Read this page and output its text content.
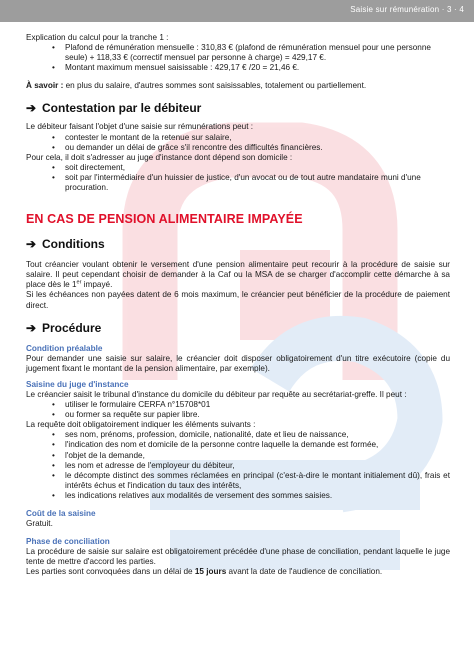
Saisie sur rémunération · 3 · 4

Explication du calcul pour la tranche 1 :

• Plafond de rémunération mensuelle : 310,83 € (plafond de rémunération mensuel pour une personne seule) + 118,33 € (correctif mensuel par personne à charge) = 429,17 €.
• Montant maximum mensuel saisissable : 429,17 € /20 = 21,46 €.

À savoir : en plus du salaire, d'autres sommes sont saisissables, totalement ou partiellement.

➔ Contestation par le débiteur

Le débiteur faisant l'objet d'une saisie sur rémunérations peut :

• contester le montant de la retenue sur salaire,
• ou demander un délai de grâce s'il rencontre des difficultés financières.

Pour cela, il doit s'adresser au juge d'instance dont dépend son domicile :

• soit directement,
• soit par l'intermédiaire d'un huissier de justice, d'un avocat ou de tout autre mandataire muni d'une procuration.
EN CAS DE PENSION ALIMENTAIRE IMPAYÉE
➔ Conditions

Tout créancier voulant obtenir le versement d'une pension alimentaire peut recourir à la procédure de saisie sur salaire. Il peut cependant choisir de demander à la Caf ou la MSA de se charger d'accomplir cette démarche à sa place dès le 1er impayé.

Si les échéances non payées datent de 6 mois maximum, le créancier peut bénéficier de la procédure de paiement direct.

➔ Procédure

Condition préalable

Pour demander une saisie sur salaire, le créancier doit disposer obligatoirement d'un titre exécutoire (copie du jugement fixant le montant de la pension alimentaire, par exemple).

Saisine du juge d'instance

Le créancier saisit le tribunal d'instance du domicile du débiteur par requête au secrétariat-greffe. Il peut :

• utiliser le formulaire CERFA n°15708*01
• ou former sa requête sur papier libre.

La requête doit obligatoirement indiquer les éléments suivants :

• ses nom, prénoms, profession, domicile, nationalité, date et lieu de naissance,
• l'indication des nom et domicile de la personne contre laquelle la demande est formée,
• l'objet de la demande,
• les nom et adresse de l'employeur du débiteur,
• le décompte distinct des sommes réclamées en principal (c'est-à-dire le montant initialement dû), frais et intérêts échus et l'indication du taux des intérêts,
• les indications relatives aux modalités de versement des sommes saisies.

Coût de la saisine

Gratuit.

Phase de conciliation

La procédure de saisie sur salaire est obligatoirement précédée d'une phase de conciliation, pendant laquelle le juge tente de mettre d'accord les parties.

Les parties sont convoquées dans un délai de 15 jours avant la date de l'audience de conciliation.
